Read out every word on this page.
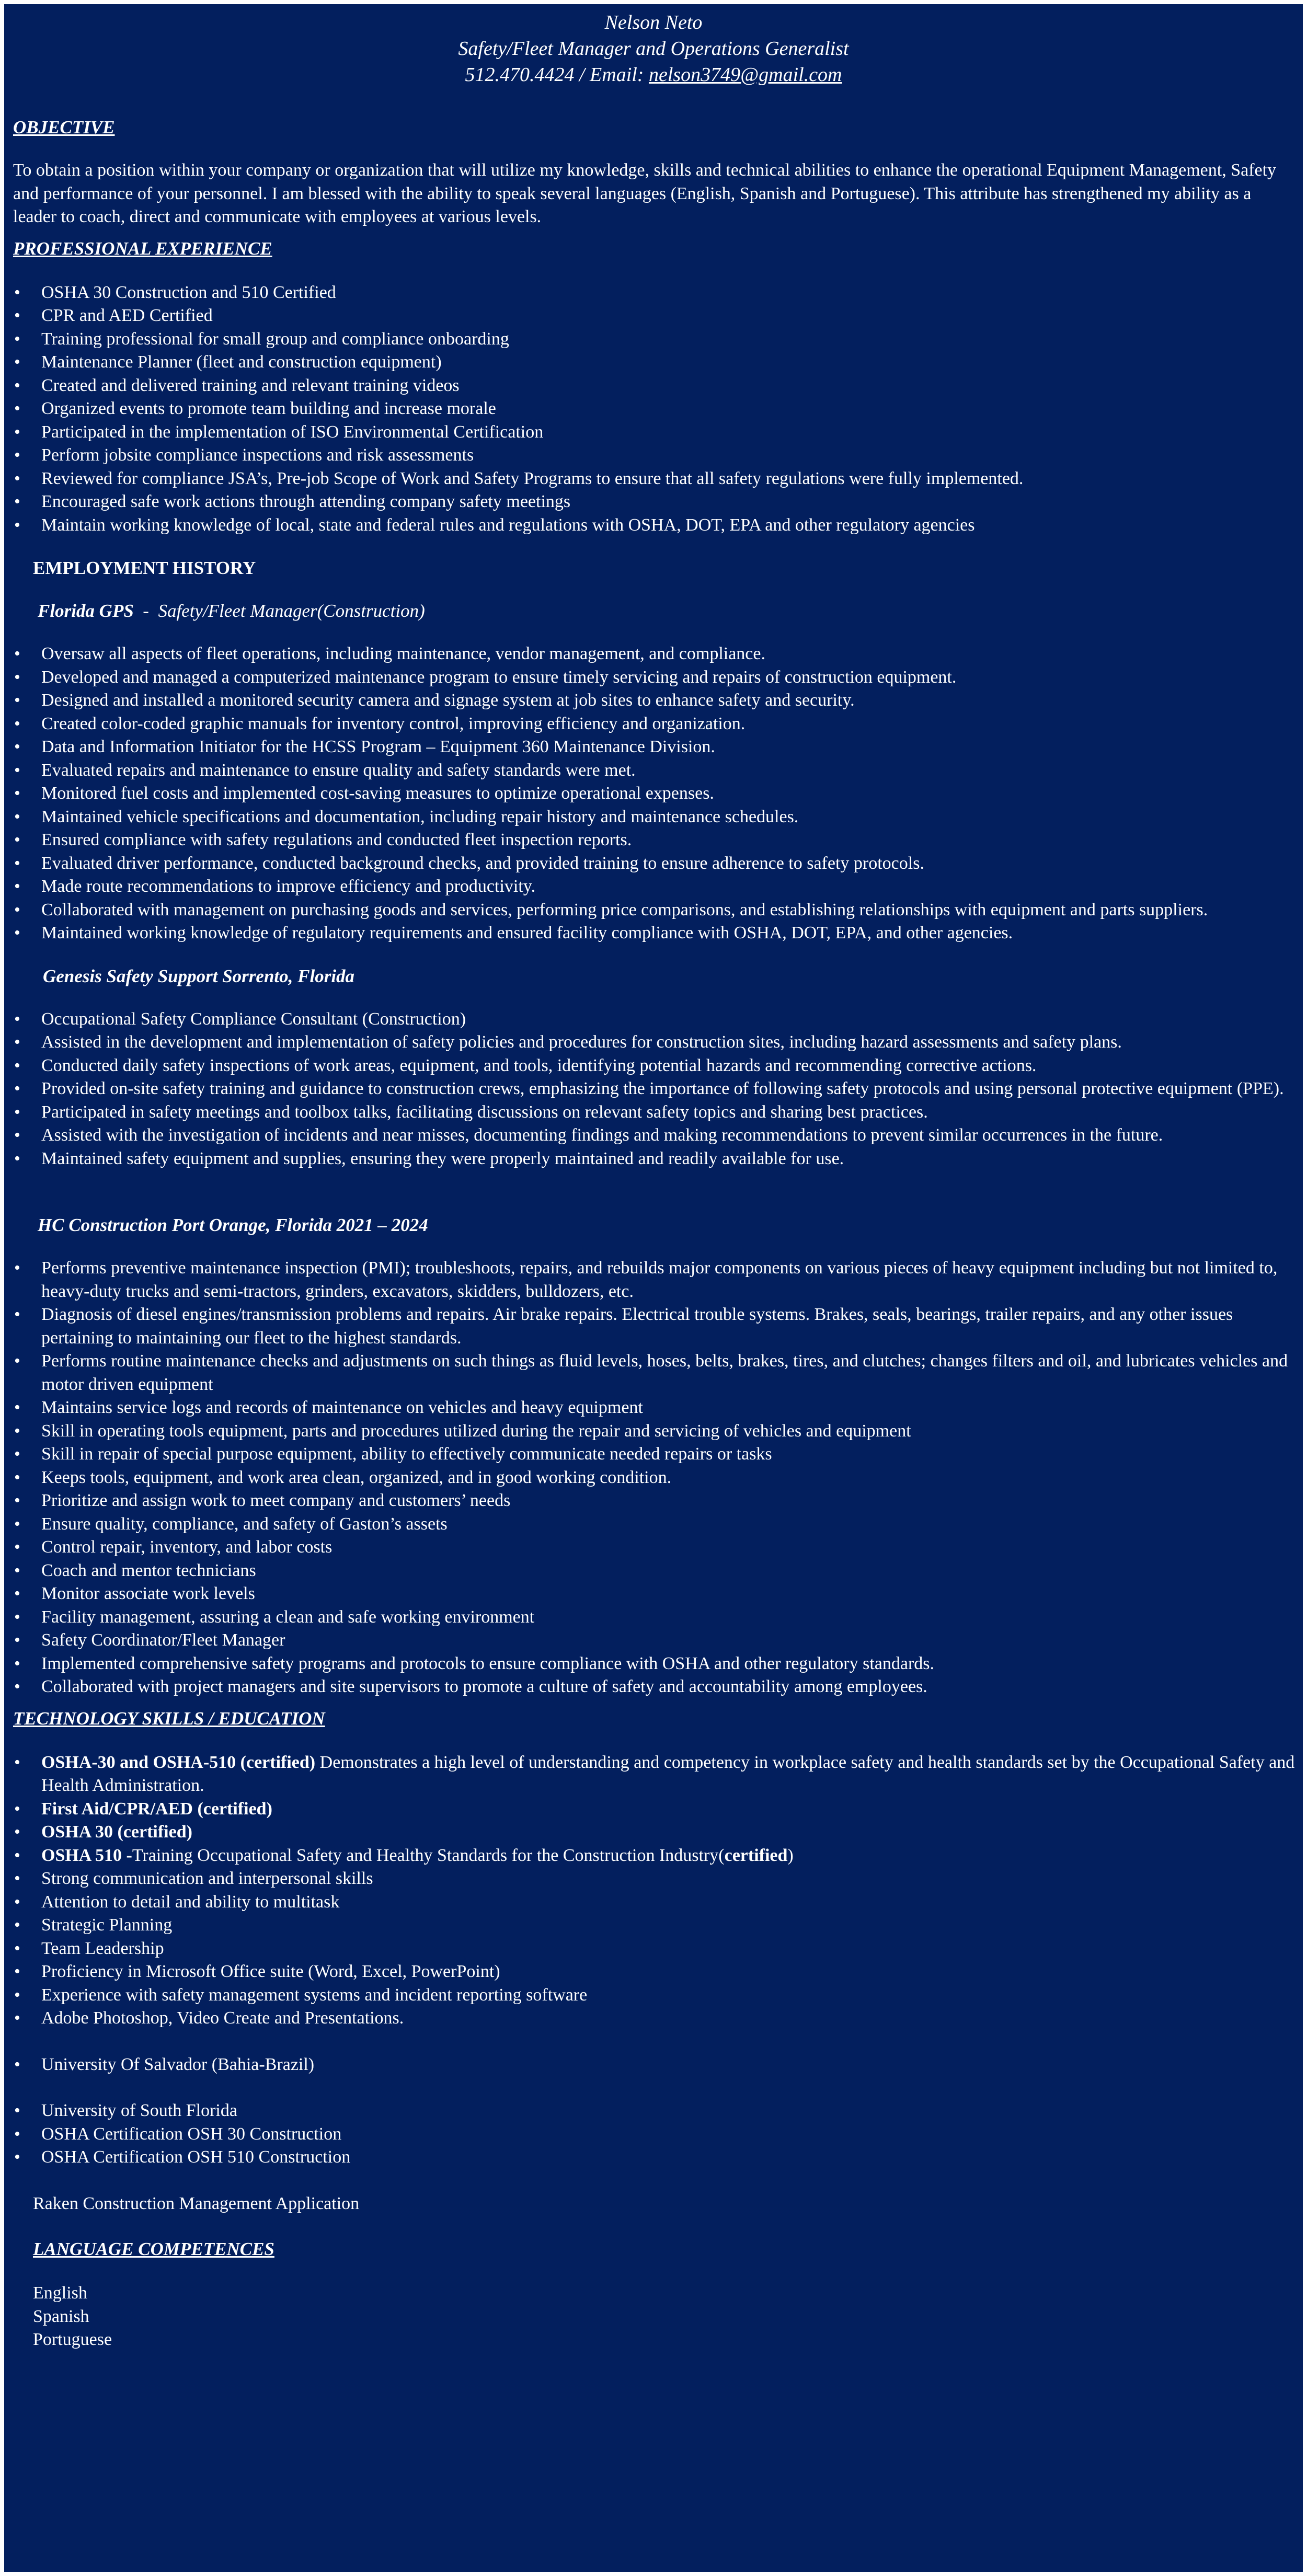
Nelson Neto
Safety/Fleet Manager and Operations Generalist
512.470.4424 / Email: nelson3749@gmail.com
OBJECTIVE
To obtain a position within your company or organization that will utilize my knowledge, skills and technical abilities to enhance the operational Equipment Management, Safety and performance of your personnel. I am blessed with the ability to speak several languages (English, Spanish and Portuguese). This attribute has strengthened my ability as a leader to coach, direct and communicate with employees at various levels.
PROFESSIONAL EXPERIENCE
• OSHA 30 Construction and 510 Certified
• CPR and AED Certified
• Training professional for small group and compliance onboarding
• Maintenance Planner (fleet and construction equipment)
• Created and delivered training and relevant training videos
• Organized events to promote team building and increase morale
• Participated in the implementation of ISO Environmental Certification
• Perform jobsite compliance inspections and risk assessments
• Reviewed for compliance JSA’s, Pre-job Scope of Work and Safety Programs to ensure that all safety regulations were fully implemented.
• Encouraged safe work actions through attending company safety meetings
• Maintain working knowledge of local, state and federal rules and regulations with OSHA, DOT, EPA and other regulatory agencies
EMPLOYMENT HISTORY
Florida GPS  -  Safety/Fleet Manager(Construction)
• Oversaw all aspects of fleet operations, including maintenance, vendor management, and compliance.
• Developed and managed a computerized maintenance program to ensure timely servicing and repairs of construction equipment.
• Designed and installed a monitored security camera and signage system at job sites to enhance safety and security.
• Created color-coded graphic manuals for inventory control, improving efficiency and organization.
• Data and Information Initiator for the HCSS Program – Equipment 360 Maintenance Division.
• Evaluated repairs and maintenance to ensure quality and safety standards were met.
• Monitored fuel costs and implemented cost-saving measures to optimize operational expenses.
• Maintained vehicle specifications and documentation, including repair history and maintenance schedules.
• Ensured compliance with safety regulations and conducted fleet inspection reports.
• Evaluated driver performance, conducted background checks, and provided training to ensure adherence to safety protocols.
• Made route recommendations to improve efficiency and productivity.
• Collaborated with management on purchasing goods and services, performing price comparisons, and establishing relationships with equipment and parts suppliers.
• Maintained working knowledge of regulatory requirements and ensured facility compliance with OSHA, DOT, EPA, and other agencies.
Genesis Safety Support Sorrento, Florida
• Occupational Safety Compliance Consultant (Construction)
• Assisted in the development and implementation of safety policies and procedures for construction sites, including hazard assessments and safety plans.
• Conducted daily safety inspections of work areas, equipment, and tools, identifying potential hazards and recommending corrective actions.
• Provided on-site safety training and guidance to construction crews, emphasizing the importance of following safety protocols and using personal protective equipment (PPE).
• Participated in safety meetings and toolbox talks, facilitating discussions on relevant safety topics and sharing best practices.
• Assisted with the investigation of incidents and near misses, documenting findings and making recommendations to prevent similar occurrences in the future.
• Maintained safety equipment and supplies, ensuring they were properly maintained and readily available for use.
HC Construction Port Orange, Florida 2021 – 2024
• Performs preventive maintenance inspection (PMI); troubleshoots, repairs, and rebuilds major components on various pieces of heavy equipment including but not limited to, heavy-duty trucks and semi-tractors, grinders, excavators, skidders, bulldozers, etc.
• Diagnosis of diesel engines/transmission problems and repairs. Air brake repairs. Electrical trouble systems. Brakes, seals, bearings, trailer repairs, and any other issues pertaining to maintaining our fleet to the highest standards.
• Performs routine maintenance checks and adjustments on such things as fluid levels, hoses, belts, brakes, tires, and clutches; changes filters and oil, and lubricates vehicles and motor driven equipment
• Maintains service logs and records of maintenance on vehicles and heavy equipment
• Skill in operating tools equipment, parts and procedures utilized during the repair and servicing of vehicles and equipment
• Skill in repair of special purpose equipment, ability to effectively communicate needed repairs or tasks
• Keeps tools, equipment, and work area clean, organized, and in good working condition.
• Prioritize and assign work to meet company and customers’ needs
• Ensure quality, compliance, and safety of Gaston’s assets
• Control repair, inventory, and labor costs
• Coach and mentor technicians
• Monitor associate work levels
• Facility management, assuring a clean and safe working environment
• Safety Coordinator/Fleet Manager
• Implemented comprehensive safety programs and protocols to ensure compliance with OSHA and other regulatory standards.
• Collaborated with project managers and site supervisors to promote a culture of safety and accountability among employees.
TECHNOLOGY SKILLS / EDUCATION
• OSHA-30 and OSHA-510 (certified) Demonstrates a high level of understanding and competency in workplace safety and health standards set by the Occupational Safety and Health Administration.
• First Aid/CPR/AED (certified)
• OSHA 30 (certified)
• OSHA 510 -Training Occupational Safety and Healthy Standards for the Construction Industry(certified)
• Strong communication and interpersonal skills
• Attention to detail and ability to multitask
• Strategic Planning
• Team Leadership
• Proficiency in Microsoft Office suite (Word, Excel, PowerPoint)
• Experience with safety management systems and incident reporting software
• Adobe Photoshop, Video Create and Presentations.
• University Of Salvador (Bahia-Brazil)
• University of South Florida
• OSHA Certification OSH 30 Construction
• OSHA Certification OSH 510 Construction
Raken Construction Management Application
LANGUAGE COMPETENCES
English
Spanish
Portuguese
